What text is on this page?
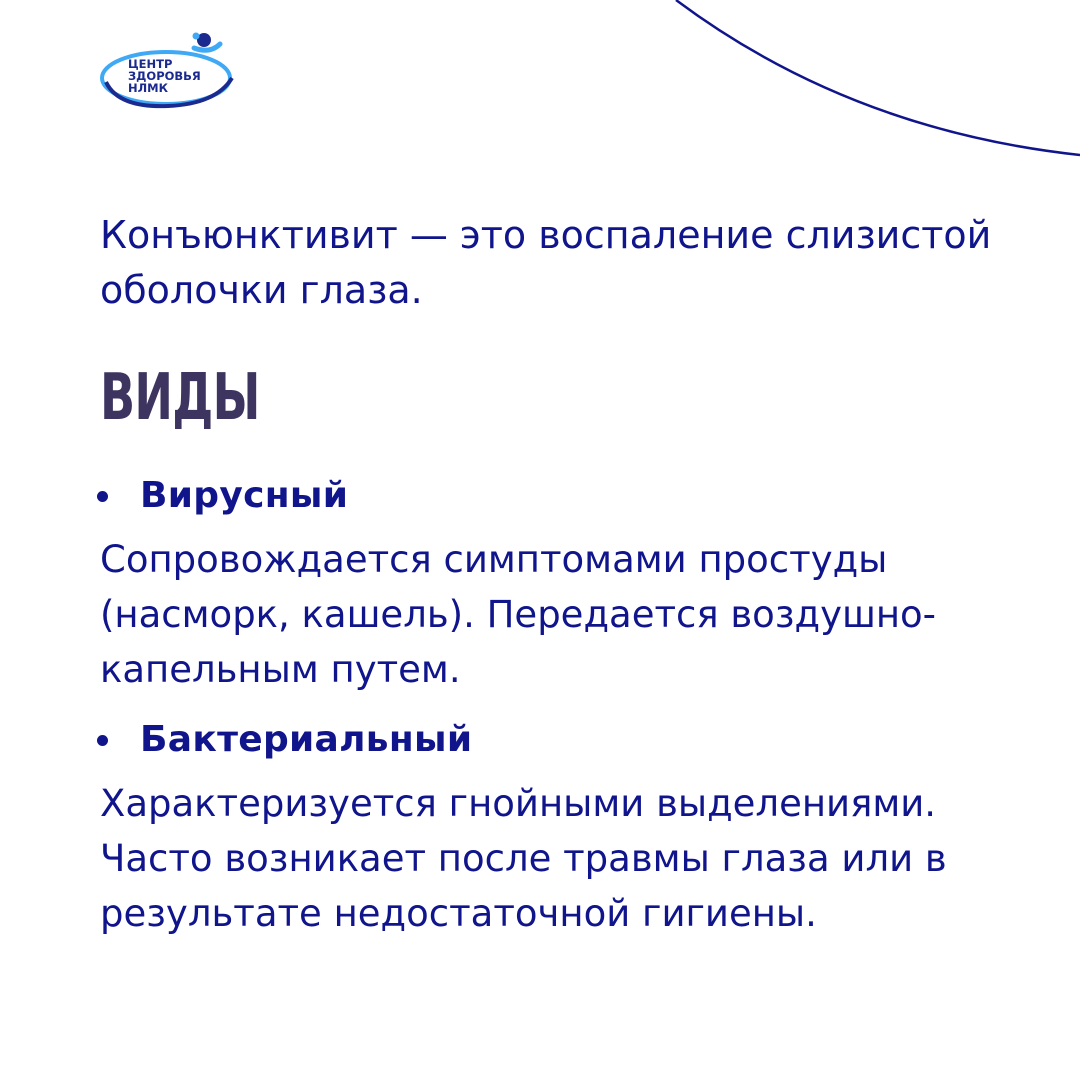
ЦЕНТР
ЗДОРОВЬЯ
НЛМК

Конъюнктивит — это воспаление слизистой оболочки глаза.

ВИДЫ
Вирусный

Сопровождается симптомами простуды (насморк, кашель). Передается воздушно-капельным путем.

Бактериальный

Характеризуется гнойными выделениями. Часто возникает после травмы глаза или в результате недостаточной гигиены.
